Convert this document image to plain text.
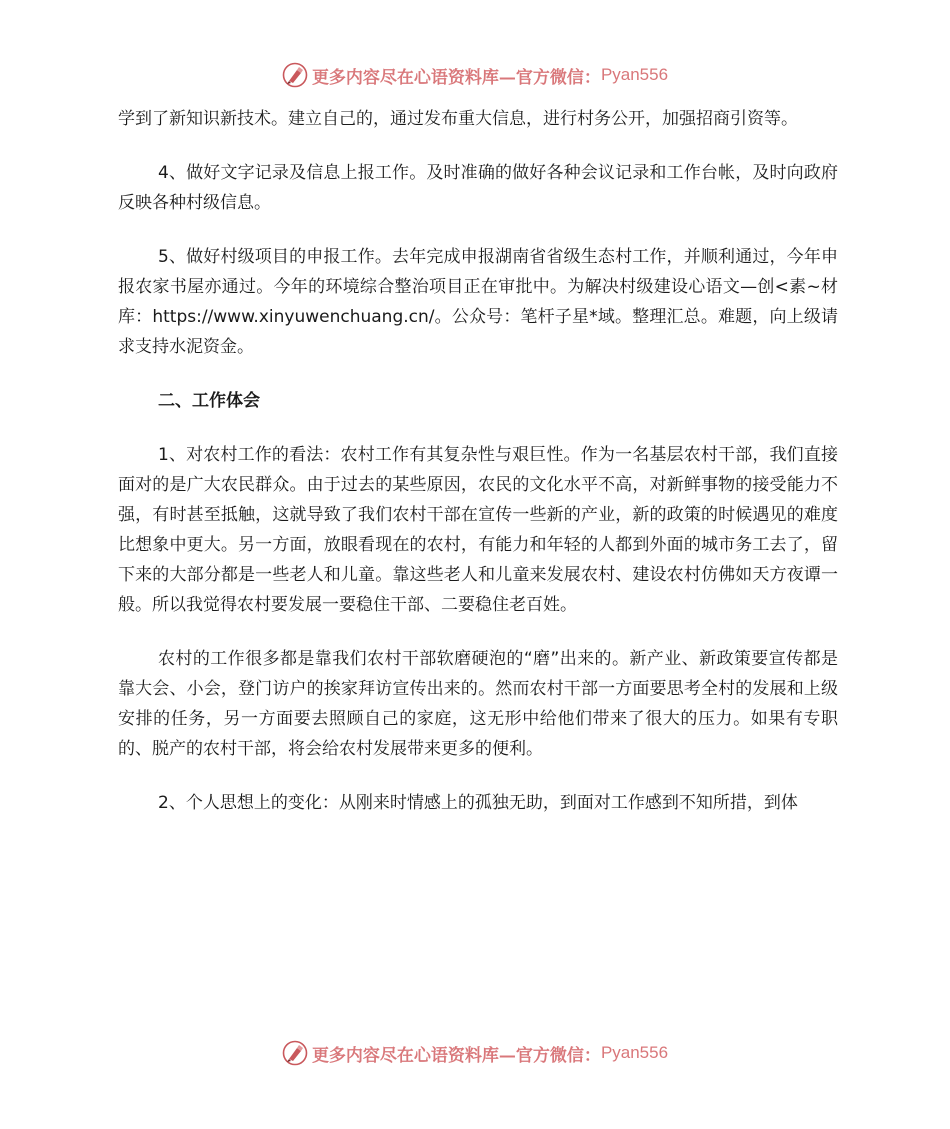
更多内容尽在心语资料库—官方微信： Pyan556

学到了新知识新技术。建立自己的，通过发布重大信息，进行村务公开，加强招商引资等。

4、做好文字记录及信息上报工作。及时准确的做好各种会议记录和工作台帐，及时向政府反映各种村级信息。

5、做好村级项目的申报工作。去年完成申报湖南省省级生态村工作，并顺利通过，今年申报农家书屋亦通过。今年的环境综合整治项目正在审批中。为解决村级建设心语文—创<素~材库：https://www.xinyuwenchuang.cn/。公众号：笔杆子星*域。整理汇总。难题，向上级请求支持水泥资金。

二、工作体会

1、对农村工作的看法：农村工作有其复杂性与艰巨性。作为一名基层农村干部，我们直接面对的是广大农民群众。由于过去的某些原因，农民的文化水平不高，对新鲜事物的接受能力不强，有时甚至抵触，这就导致了我们农村干部在宣传一些新的产业，新的政策的时候遇见的难度比想象中更大。另一方面，放眼看现在的农村，有能力和年轻的人都到外面的城市务工去了，留下来的大部分都是一些老人和儿童。靠这些老人和儿童来发展农村、建设农村仿佛如天方夜谭一般。所以我觉得农村要发展一要稳住干部、二要稳住老百姓。

农村的工作很多都是靠我们农村干部软磨硬泡的“磨”出来的。新产业、新政策要宣传都是靠大会、小会，登门访户的挨家拜访宣传出来的。然而农村干部一方面要思考全村的发展和上级安排的任务，另一方面要去照顾自己的家庭，这无形中给他们带来了很大的压力。如果有专职的、脱产的农村干部，将会给农村发展带来更多的便利。

2、个人思想上的变化：从刚来时情感上的孤独无助，到面对工作感到不知所措，到体

更多内容尽在心语资料库—官方微信： Pyan556
